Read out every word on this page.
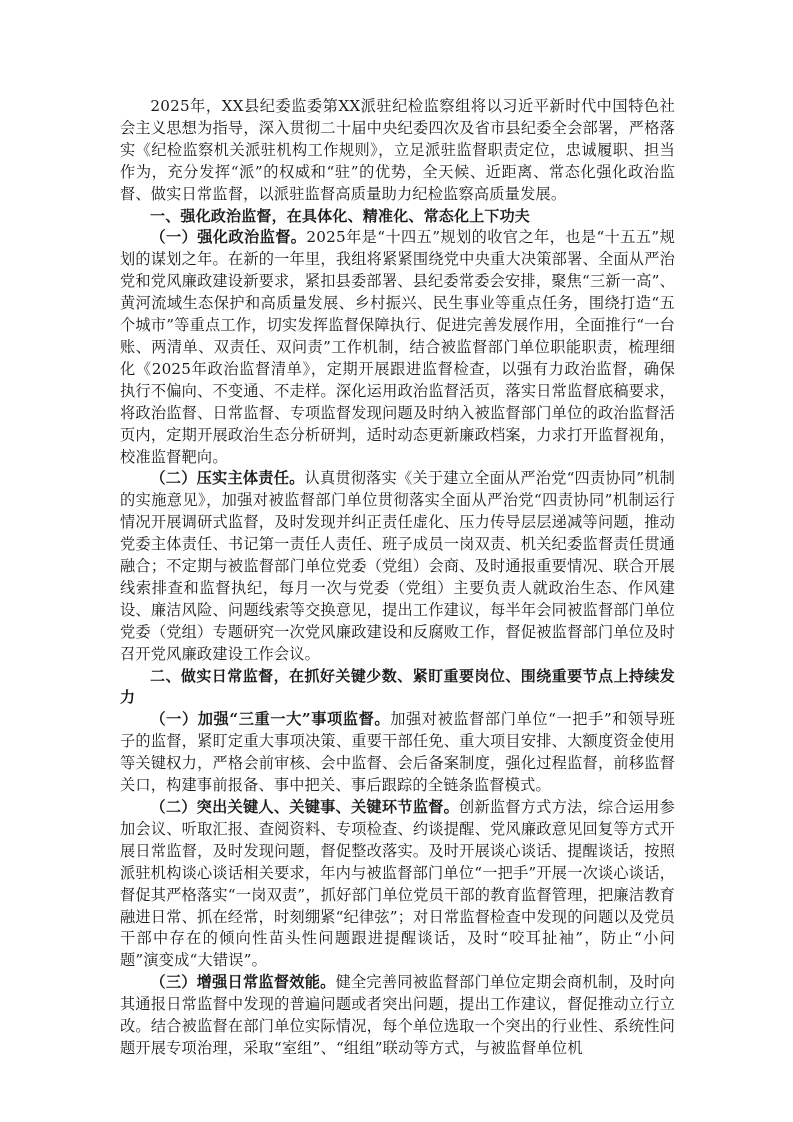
2025年，XX县纪委监委第XX派驻纪检监察组将以习近平新时代中国特色社会主义思想为指导，深入贯彻二十届中央纪委四次及省市县纪委全会部署，严格落实《纪检监察机关派驻机构工作规则》，立足派驻监督职责定位，忠诚履职、担当作为，充分发挥“派”的权威和“驻”的优势，全天候、近距离、常态化强化政治监督、做实日常监督，以派驻监督高质量助力纪检监察高质量发展。

一、强化政治监督，在具体化、精准化、常态化上下功夫

（一）强化政治监督。2025年是“十四五”规划的收官之年，也是“十五五”规划的谋划之年。在新的一年里，我组将紧紧围绕党中央重大决策部署、全面从严治党和党风廉政建设新要求，紧扣县委部署、县纪委常委会安排，聚焦“三新一高”、黄河流域生态保护和高质量发展、乡村振兴、民生事业等重点任务，围绕打造“五个城市”等重点工作，切实发挥监督保障执行、促进完善发展作用，全面推行“一台账、两清单、双责任、双问责”工作机制，结合被监督部门单位职能职责，梳理细化《2025年政治监督清单》，定期开展跟进监督检查，以强有力政治监督，确保执行不偏向、不变通、不走样。深化运用政治监督活页，落实日常监督底稿要求，将政治监督、日常监督、专项监督发现问题及时纳入被监督部门单位的政治监督活页内，定期开展政治生态分析研判，适时动态更新廉政档案，力求打开监督视角，校准监督靶向。

（二）压实主体责任。认真贯彻落实《关于建立全面从严治党“四责协同”机制的实施意见》，加强对被监督部门单位贯彻落实全面从严治党“四责协同”机制运行情况开展调研式监督，及时发现并纠正责任虚化、压力传导层层递减等问题，推动党委主体责任、书记第一责任人责任、班子成员一岗双责、机关纪委监督责任贯通融合；不定期与被监督部门单位党委（党组）会商、及时通报重要情况、联合开展线索排查和监督执纪，每月一次与党委（党组）主要负责人就政治生态、作风建设、廉洁风险、问题线索等交换意见，提出工作建议，每半年会同被监督部门单位党委（党组）专题研究一次党风廉政建设和反腐败工作，督促被监督部门单位及时召开党风廉政建设工作会议。

二、做实日常监督，在抓好关键少数、紧盯重要岗位、围绕重要节点上持续发力

（一）加强“三重一大”事项监督。加强对被监督部门单位“一把手”和领导班子的监督，紧盯定重大事项决策、重要干部任免、重大项目安排、大额度资金使用等关键权力，严格会前审核、会中监督、会后备案制度，强化过程监督，前移监督关口，构建事前报备、事中把关、事后跟踪的全链条监督模式。

（二）突出关键人、关键事、关键环节监督。创新监督方式方法，综合运用参加会议、听取汇报、查阅资料、专项检查、约谈提醒、党风廉政意见回复等方式开展日常监督，及时发现问题，督促整改落实。及时开展谈心谈话、提醒谈话，按照派驻机构谈心谈话相关要求，年内与被监督部门单位“一把手”开展一次谈心谈话，督促其严格落实“一岗双责”，抓好部门单位党员干部的教育监督管理，把廉洁教育融进日常、抓在经常，时刻绷紧“纪律弦”；对日常监督检查中发现的问题以及党员干部中存在的倾向性苗头性问题跟进提醒谈话，及时“咬耳扯袖”，防止“小问题”演变成“大错误”。

（三）增强日常监督效能。健全完善同被监督部门单位定期会商机制，及时向其通报日常监督中发现的普遍问题或者突出问题，提出工作建议，督促推动立行立改。结合被监督在部门单位实际情况，每个单位选取一个突出的行业性、系统性问题开展专项治理，采取“室组”、“组组”联动等方式，与被监督单位机
